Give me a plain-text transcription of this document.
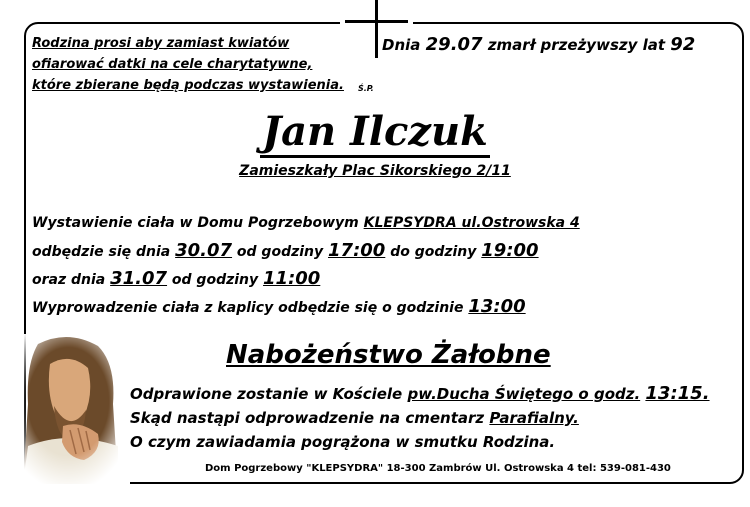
Rodzina prosi aby zamiast kwiatów
ofiarować datki na cele charytatywne,
które zbierane będą podczas wystawienia.
Dnia 29.07 zmarł przeżywszy lat 92
Ś.P.
Jan Ilczuk
Zamieszkały Plac Sikorskiego 2/11
Wystawienie ciała w Domu Pogrzebowym KLEPSYDRA ul.Ostrowska 4
odbędzie się dnia 30.07 od godziny 17:00 do godziny 19:00
oraz dnia 31.07 od godziny 11:00
Wyprowadzenie ciała z kaplicy odbędzie się o godzinie 13:00
Nabożeństwo Żałobne
Odprawione zostanie w Kościele pw.Ducha Świętego o godz. 13:15.
Skąd nastąpi odprowadzenie na cmentarz Parafialny.
O czym zawiadamia pogrążona w smutku Rodzina.
Dom Pogrzebowy "KLEPSYDRA" 18-300 Zambrów Ul. Ostrowska 4 tel: 539-081-430
